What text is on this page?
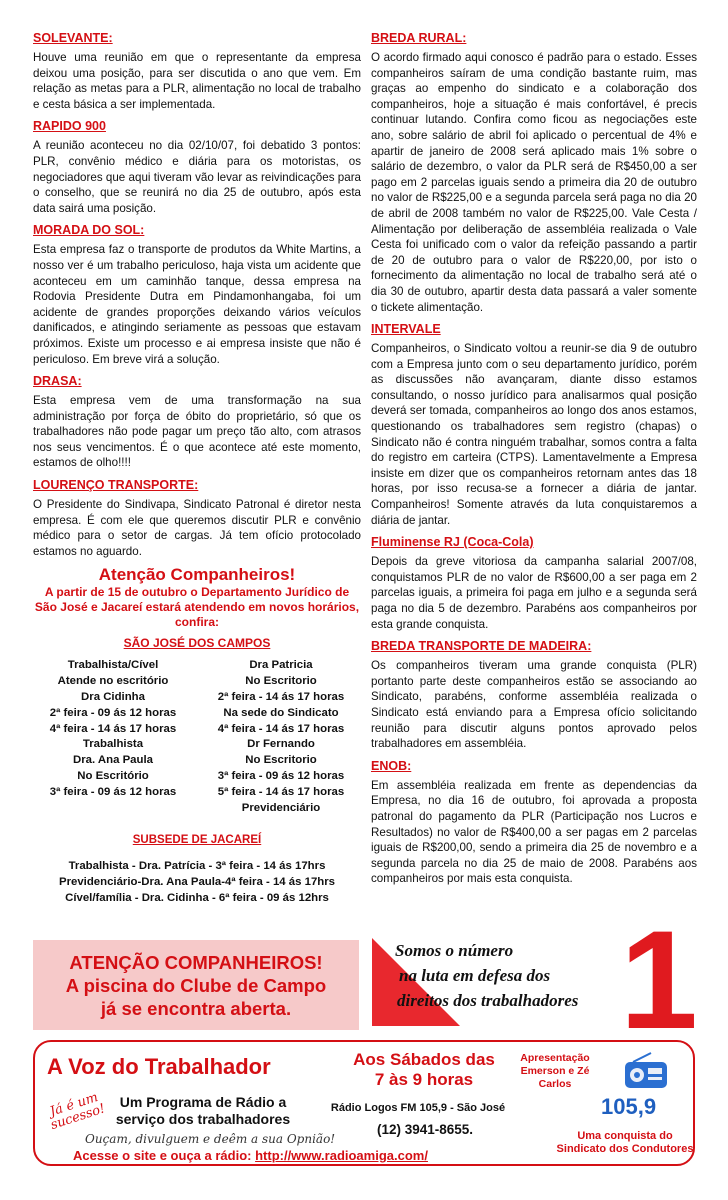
SOLEVANTE:
Houve uma reunião em que o representante da empresa deixou uma posição, para ser discutida o ano que vem. Em relação as metas para a PLR, alimentação no local de trabalho e cesta básica a ser implementada.
RAPIDO 900
A reunião aconteceu no dia 02/10/07, foi debatido 3 pontos: PLR, convênio médico e diária para os motoristas, os negociadores que aqui tiveram vão levar as reivindicações para o conselho, que se reunirá no dia 25 de outubro, após esta data sairá uma posição.
MORADA DO SOL:
Esta empresa faz o transporte de produtos da White Martins, a nosso ver é um trabalho periculoso, haja vista um acidente que aconteceu em um caminhão tanque, dessa empresa na Rodovia Presidente Dutra em Pindamonhangaba, foi um acidente de grandes proporções deixando vários veículos danificados, e atingindo seriamente as pessoas que estavam próximos. Existe um processo e ai empresa insiste que não é periculoso. Em breve virá a solução.
DRASA:
Esta empresa vem de uma transformação na sua administração por força de óbito do proprietário, só que os trabalhadores não pode pagar um preço tão alto, com atrasos nos seus vencimentos. É o que acontece até este momento, estamos de olho!!!!
LOURENÇO TRANSPORTE:
O Presidente do Sindivapa, Sindicato Patronal é diretor nesta empresa. É com ele que queremos discutir PLR e convênio médico para o setor de cargas. Já tem ofício protocolado estamos no aguardo.
Atenção Companheiros!
A partir de 15 de outubro o Departamento Jurídico de São José e Jacareí estará atendendo em novos horários, confira:
SÃO JOSÉ DOS CAMPOS
Trabalhista/Cível
Atende no escritório
Dra Cidinha
2ª feira - 09 ás 12 horas
4ª feira - 14 ás 17 horas
Trabalhista
Dra. Ana Paula
No Escritório
3ª feira - 09 ás 12 horas
Dra Patricia
No Escritorio
2ª feira - 14 ás 17 horas
Na sede do Sindicato
4ª feira - 14 ás 17 horas
Dr Fernando
No Escritorio
3ª feira - 09 ás 12 horas
5ª feira - 14 ás 17 horas
Previdenciário
SUBSEDE DE JACAREÍ
Trabalhista - Dra. Patrícia - 3ª feira - 14 ás 17hrs
Previdenciário-Dra. Ana Paula-4ª feira - 14 ás 17hrs
Cível/família - Dra. Cidinha - 6ª feira - 09 ás 12hrs
BREDA RURAL:
O acordo firmado aqui conosco é padrão para o estado. Esses companheiros saíram de uma condição bastante ruim, mas graças ao empenho do sindicato e a colaboração dos companheiros, hoje a situação é mais confortável, é precis continuar lutando. Confira como ficou as negociações este ano, sobre salário de abril foi aplicado o percentual de 4% e apartir de janeiro de 2008 será aplicado mais 1% sobre o salário de dezembro, o valor da PLR será de R$450,00 a ser pago em 2 parcelas iguais sendo a primeira dia 20 de outubro no valor de R$225,00 e a segunda parcela será paga no dia 20 de abril de 2008 também no valor de R$225,00. Vale Cesta / Alimentação por deliberação de assembléia realizada o Vale Cesta foi unificado com o valor da refeição passando a partir de 20 de outubro para o valor de R$220,00, por isto o fornecimento da alimentação no local de trabalho será até o dia 30 de outubro, apartir desta data passará a valer somente o tickete alimentação.
INTERVALE
Companheiros, o Sindicato voltou a reunir-se dia 9 de outubro com a Empresa junto com o seu departamento jurídico, porém as discussões não avançaram, diante disso estamos consultando, o nosso jurídico para analisarmos qual posição deverá ser tomada, companheiros ao longo dos anos estamos, questionando os trabalhadores sem registro (chapas) o Sindicato não é contra ninguém trabalhar, somos contra a falta do registro em carteira (CTPS). Lamentavelmente a Empresa insiste em dizer que os companheiros retornam antes das 18 horas, por isso recusa-se a fornecer a diária de jantar. Companheiros! Somente através da luta conquistaremos a diária de jantar.
Fluminense RJ (Coca-Cola)
Depois da greve vitoriosa da campanha salarial 2007/08, conquistamos PLR de no valor de R$600,00 a ser paga em 2 parcelas iguais, a primeira foi paga em julho e a segunda será paga no dia 5 de dezembro. Parabéns aos companheiros por esta grande conquista.
BREDA TRANSPORTE DE MADEIRA:
Os companheiros tiveram uma grande conquista (PLR) portanto parte deste companheiros estão se associando ao Sindicato, parabéns, conforme assembléia realizada o Sindicato está enviando para a Empresa ofício solicitando reunião para discutir alguns pontos aprovado pelos trabalhadores em assembléia.
ENOB:
Em assembléia realizada em frente as dependencias da Empresa, no dia 16 de outubro, foi aprovada a proposta patronal do pagamento da PLR (Participação nos Lucros e Resultados) no valor de R$400,00 a ser pagas em 2 parcelas iguais de R$200,00, sendo a primeira dia 25 de novembro e a segunda parcela no dia 25 de maio de 2008. Parabéns aos companheiros por mais esta conquista.
ATENÇÃO COMPANHEIROS!
A piscina do Clube de Campo
já se encontra aberta.
Somos o número
na luta em defesa dos
direitos dos trabalhadores 1
A Voz do Trabalhador
Já é um sucesso! Um Programa de Rádio a serviço dos trabalhadores
Ouçam, divulguem e deêm a sua Opnião!
Acesse o site e ouça a rádio: http://www.radioamiga.com/
Aos Sábados das 7 às 9 horas
Rádio Logos FM 105,9 - São José
(12) 3941-8655.
Apresentação Emerson e Zé Carlos
105,9
Uma conquista do Sindicato dos Condutores
